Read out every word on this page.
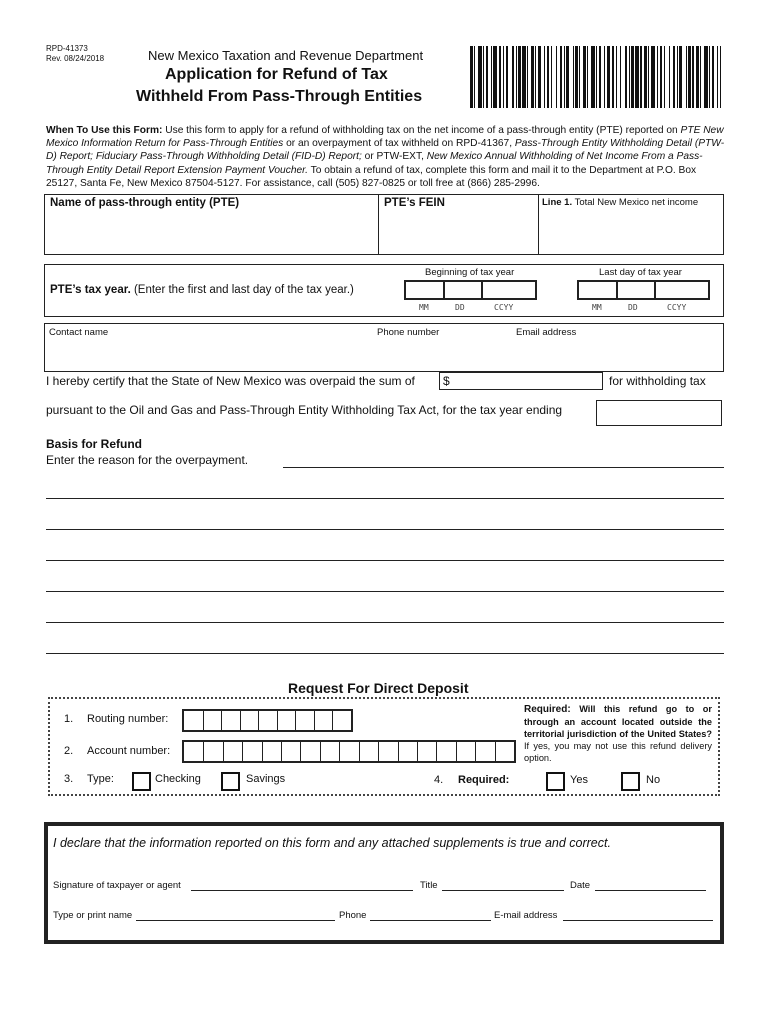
RPD-41373
Rev. 08/24/2018	New Mexico Taxation and Revenue Department
Application for Refund of Tax
Withheld From Pass-Through Entities
When To Use this Form: Use this form to apply for a refund of withholding tax on the net income of a pass-through entity (PTE) reported on PTE New Mexico Information Return for Pass-Through Entities or an overpayment of tax withheld on RPD-41367, Pass-Through Entity Withholding Detail (PTW-D) Report; Fiduciary Pass-Through Withholding Detail (FID-D) Report; or PTW-EXT, New Mexico Annual Withholding of Net Income From a Pass-Through Entity Detail Report Extension Payment Voucher. To obtain a refund of tax, complete this form and mail it to the Department at P.O. Box 25127, Santa Fe, New Mexico 87504-5127. For assistance, call (505) 827-0825 or toll free at (866) 285-2996.
Name of pass-through entity (PTE)	PTE’s FEIN	Line 1. Total New Mexico net income
PTE’s tax year. (Enter the first and last day of the tax year.)
Beginning of tax year	Last day of tax year
MM	DD	CCYY	MM	DD	CCYY
Contact name	Phone number	Email address
I hereby certify that the State of New Mexico was overpaid the sum of $	for withholding tax
pursuant to the Oil and Gas and Pass-Through Entity Withholding Tax Act, for the tax year ending
Basis for Refund
Enter the reason for the overpayment.
Request For Direct Deposit
1. Routing number:
2. Account number:
3. Type:	Checking	Savings	4. Required:	Yes	No
Required: Will this refund go to or through an account located outside the territorial jurisdiction of the United States? If yes, you may not use this refund delivery option.
I declare that the information reported on this form and any attached supplements is true and correct.
Signature of taxpayer or agent	Title	Date
Type or print name	Phone	E-mail address
